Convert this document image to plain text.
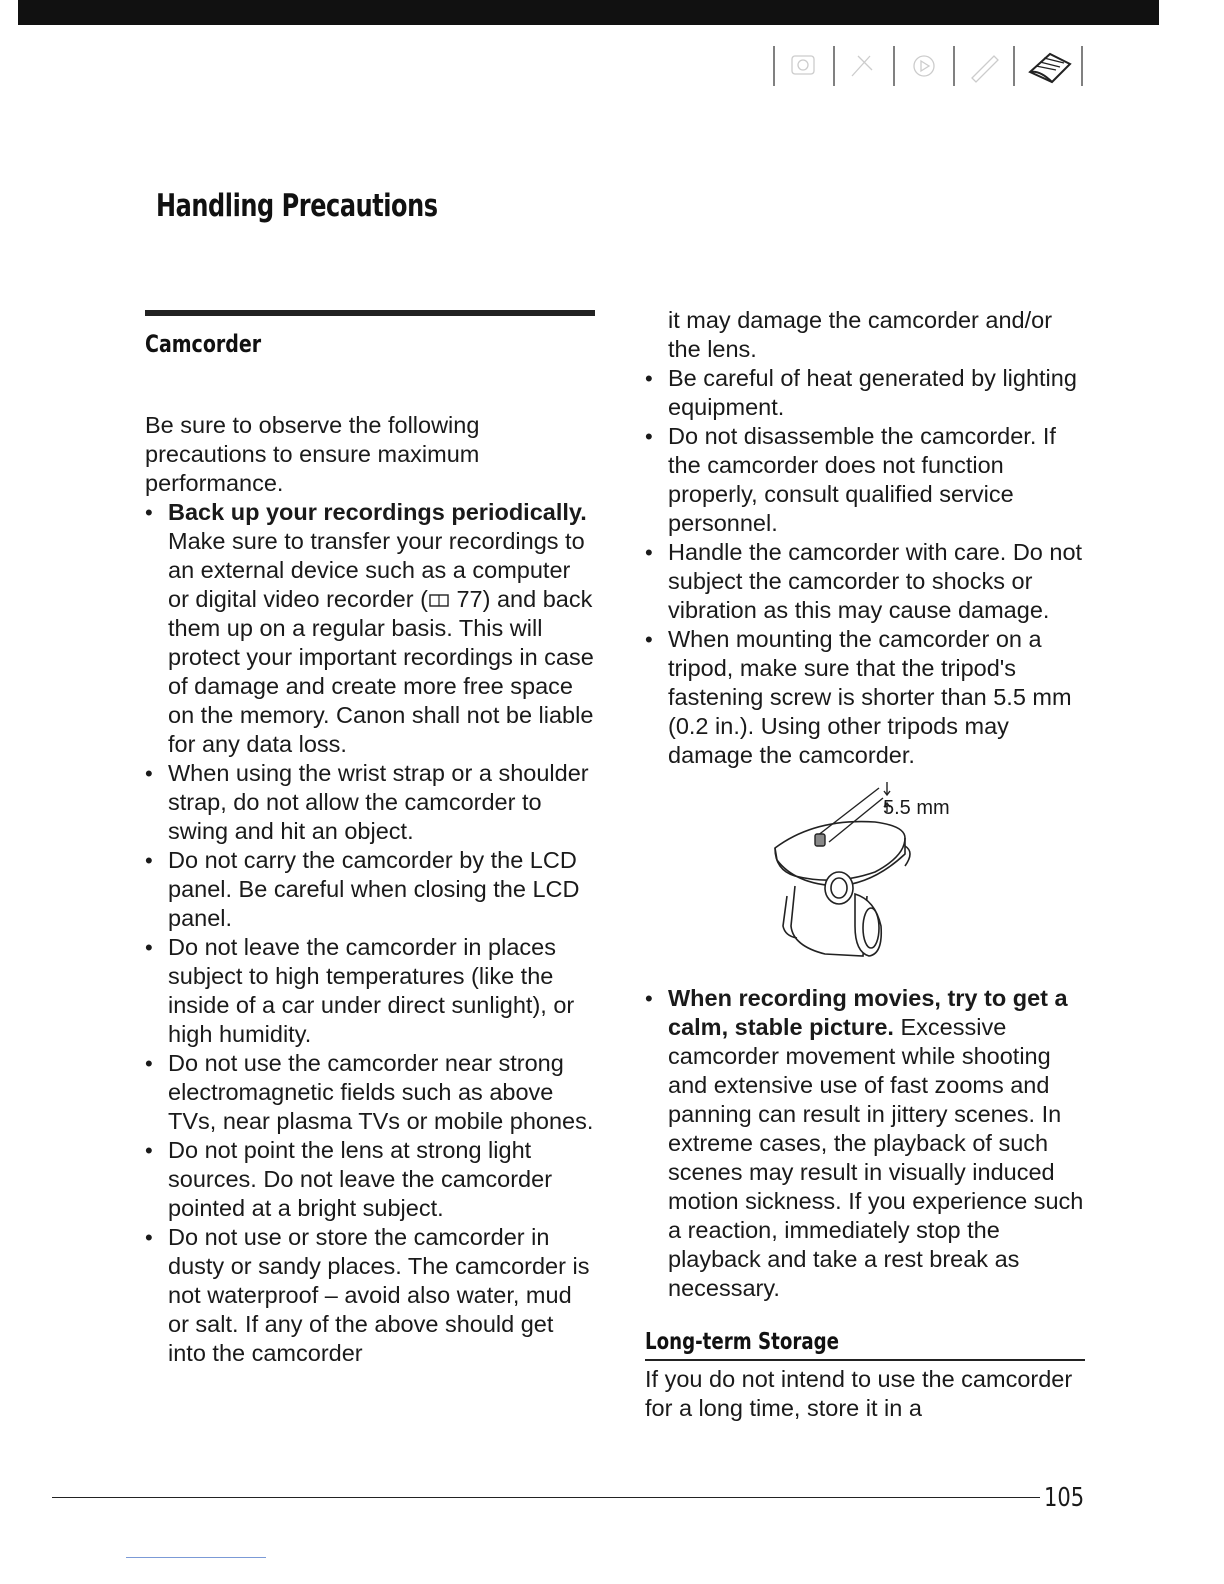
Handling Precautions
Camcorder

Be sure to observe the following precautions to ensure maximum performance.

• Back up your recordings periodically. Make sure to transfer your recordings to an external device such as a computer or digital video recorder ( 77) and back them up on a regular basis. This will protect your important recordings in case of damage and create more free space on the memory. Canon shall not be liable for any data loss.
• When using the wrist strap or a shoulder strap, do not allow the camcorder to swing and hit an object.
• Do not carry the camcorder by the LCD panel. Be careful when closing the LCD panel.
• Do not leave the camcorder in places subject to high temperatures (like the inside of a car under direct sunlight), or high humidity.
• Do not use the camcorder near strong electromagnetic fields such as above TVs, near plasma TVs or mobile phones.
• Do not point the lens at strong light sources. Do not leave the camcorder pointed at a bright subject.
• Do not use or store the camcorder in dusty or sandy places. The camcorder is not waterproof – avoid also water, mud or salt. If any of the above should get into the camcorder

it may damage the camcorder and/or the lens.

• Be careful of heat generated by lighting equipment.
• Do not disassemble the camcorder. If the camcorder does not function properly, consult qualified service personnel.
• Handle the camcorder with care. Do not subject the camcorder to shocks or vibration as this may cause damage.
• When mounting the camcorder on a tripod, make sure that the tripod's fastening screw is shorter than 5.5 mm (0.2 in.). Using other tripods may damage the camcorder.
5.5 mm
• When recording movies, try to get a calm, stable picture. Excessive camcorder movement while shooting and extensive use of fast zooms and panning can result in jittery scenes. In extreme cases, the playback of such scenes may result in visually induced motion sickness. If you experience such a reaction, immediately stop the playback and take a rest break as necessary.
Long-term Storage

If you do not intend to use the camcorder for a long time, store it in a

105
